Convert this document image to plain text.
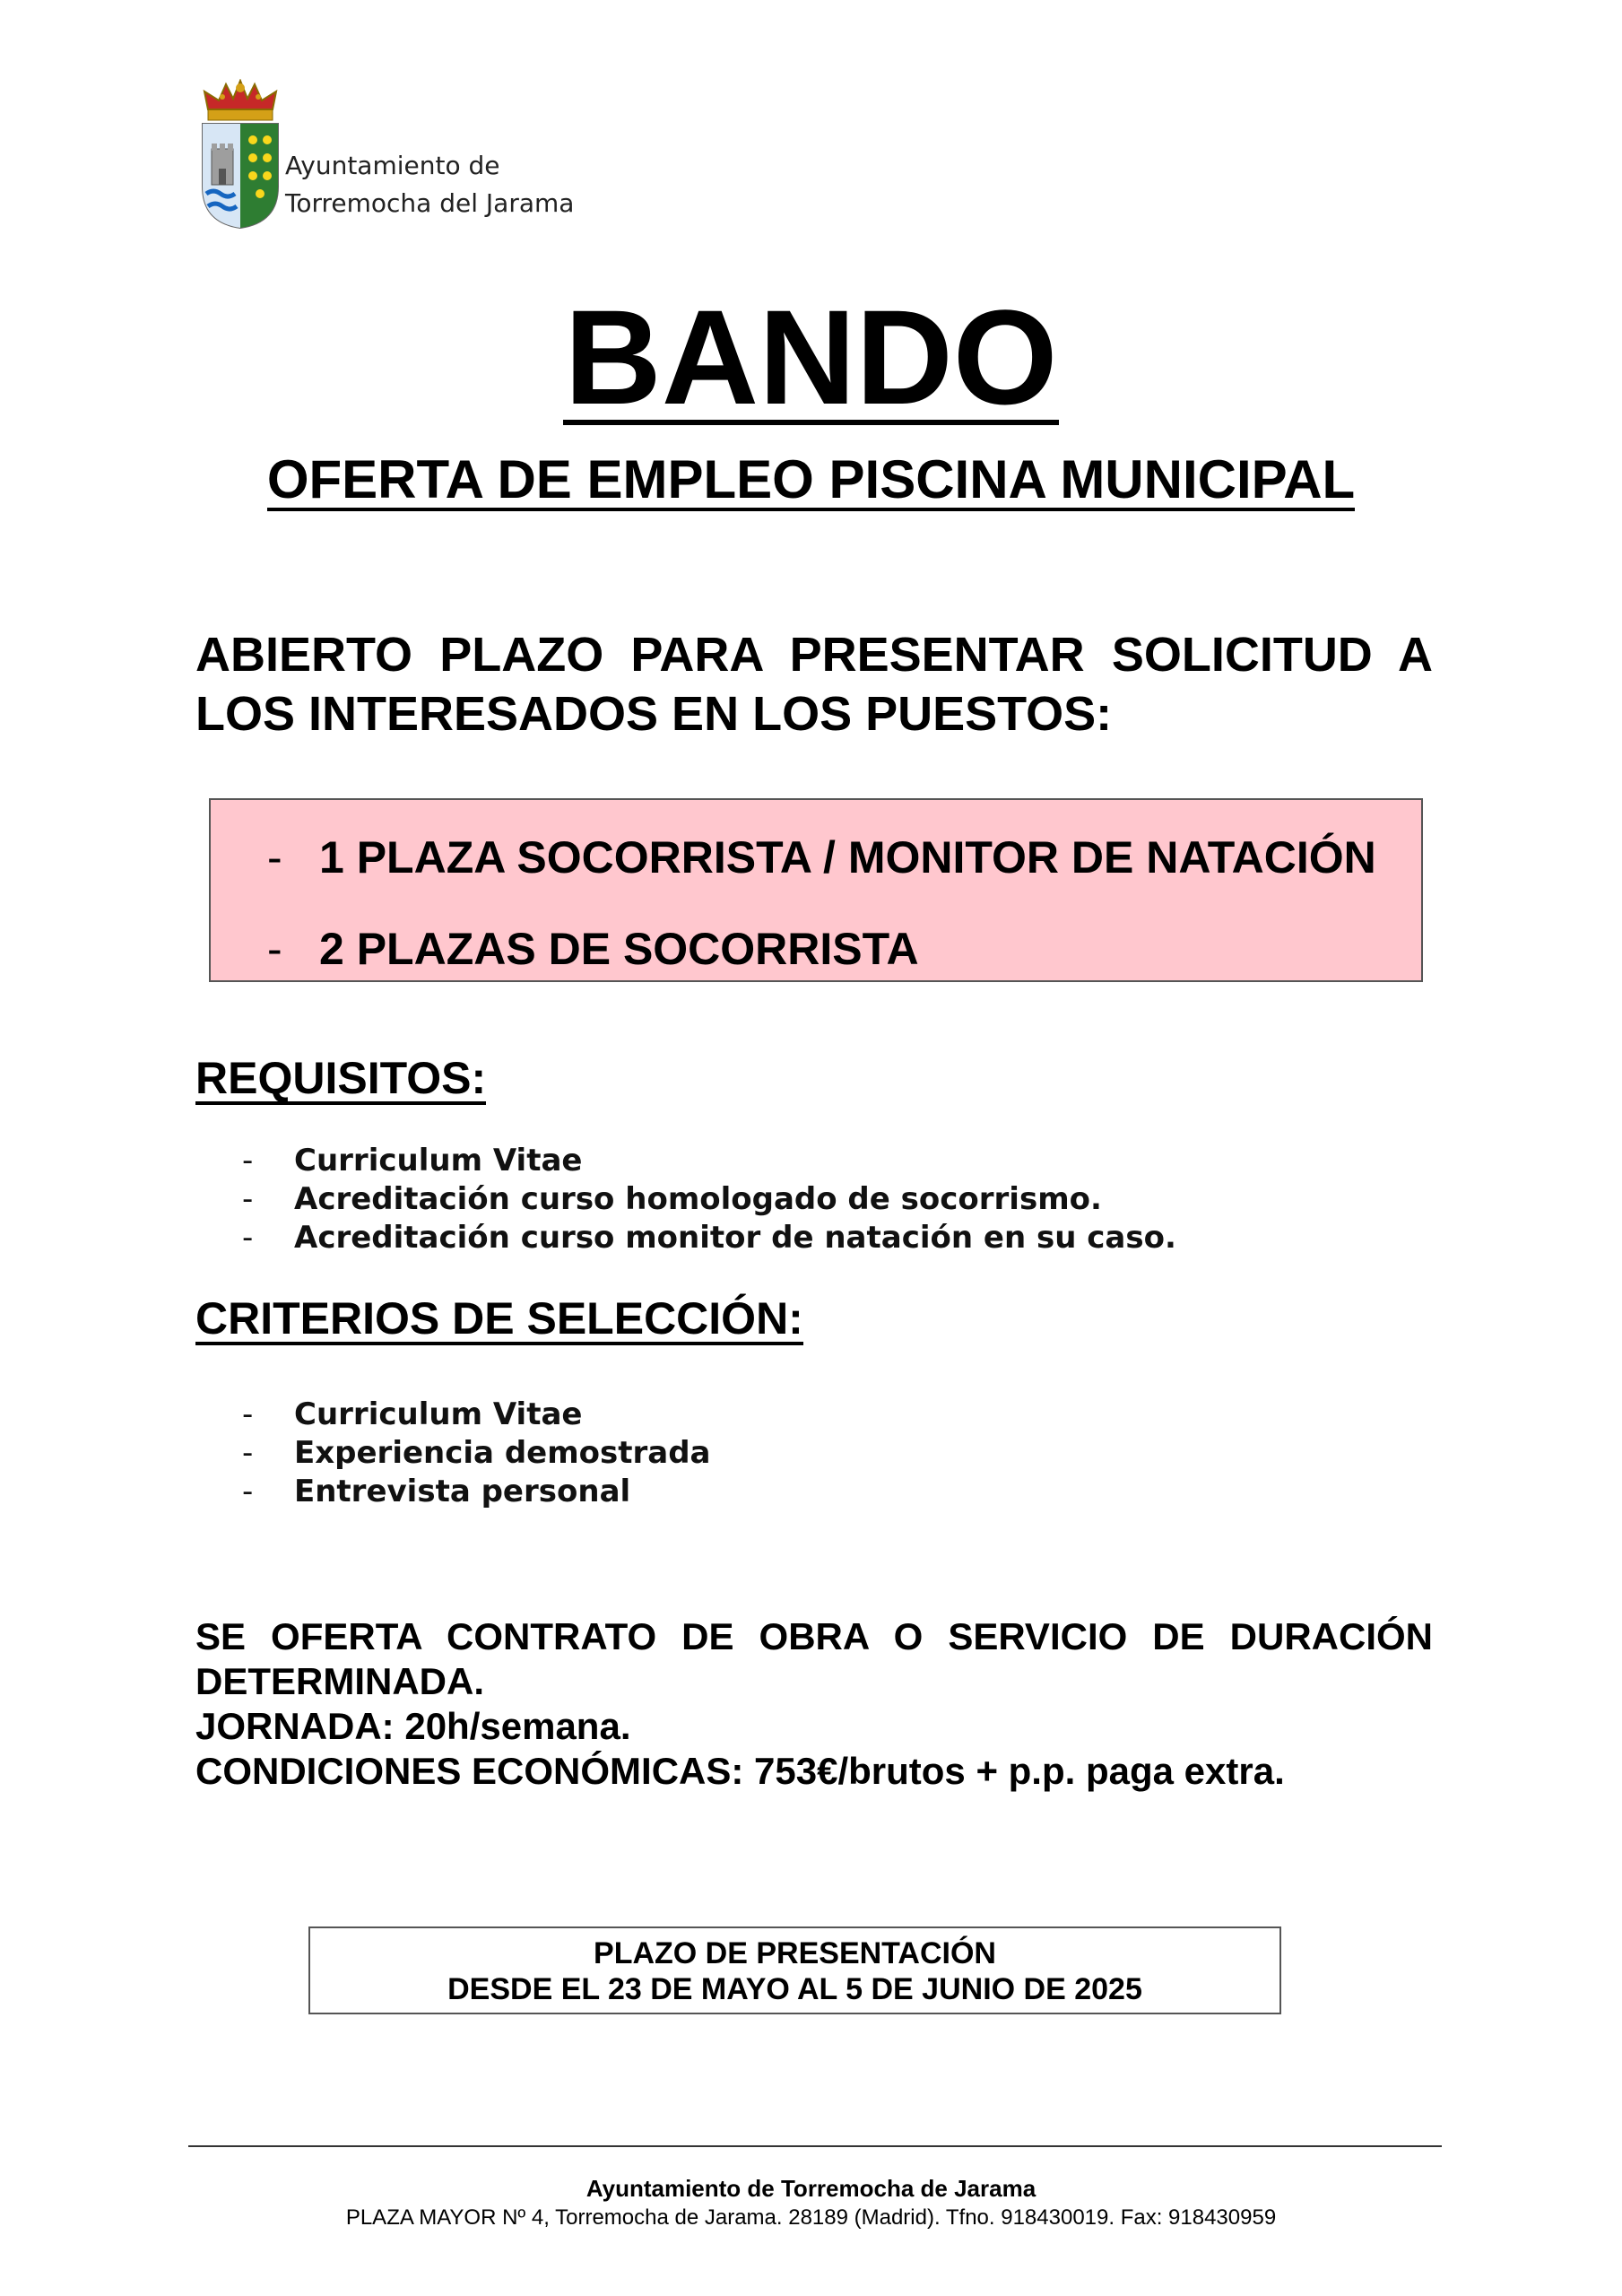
Ayuntamiento de
Torremocha del Jarama
BANDO
OFERTA DE EMPLEO PISCINA MUNICIPAL
ABIERTO PLAZO PARA PRESENTAR SOLICITUD A
LOS INTERESADOS EN LOS PUESTOS:
- 1 PLAZA SOCORRISTA / MONITOR DE NATACIÓN
- 2 PLAZAS DE SOCORRISTA
REQUISITOS:
- Curriculum Vitae
- Acreditación curso homologado de socorrismo.
- Acreditación curso monitor de natación en su caso.
CRITERIOS DE SELECCIÓN:
- Curriculum Vitae
- Experiencia demostrada
- Entrevista personal
SE OFERTA CONTRATO DE OBRA O SERVICIO DE DURACIÓN
DETERMINADA.
JORNADA: 20h/semana.
CONDICIONES ECONÓMICAS: 753€/brutos + p.p. paga extra.
PLAZO DE PRESENTACIÓN
DESDE EL 23 DE MAYO AL 5 DE JUNIO DE 2025
Ayuntamiento de Torremocha de Jarama
PLAZA MAYOR Nº 4, Torremocha de Jarama. 28189 (Madrid). Tfno. 918430019. Fax: 918430959
